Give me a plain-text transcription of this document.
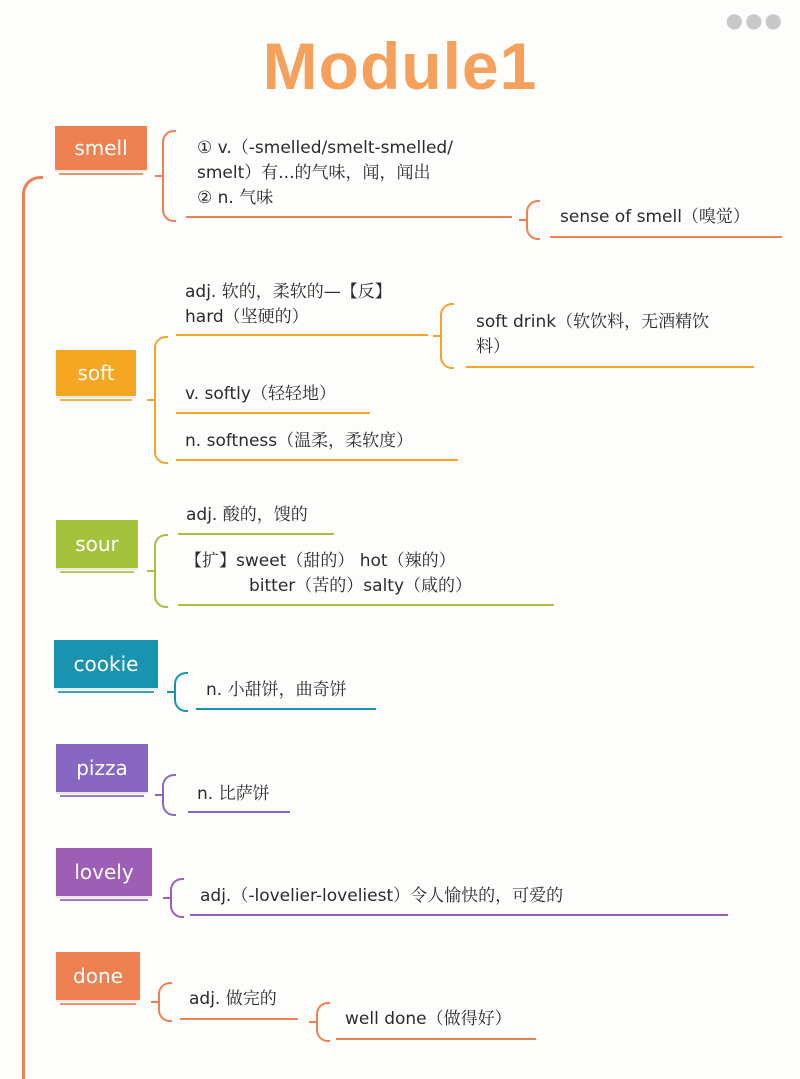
●●●
Module1
smell	① v.（-smelled/smelt-smelled/
smelt）有...的气味，闻，闻出
② n. 气味
sense of smell（嗅觉）
soft
adj. 软的，柔软的—【反】
hard（坚硬的）	soft drink（软饮料，无酒精饮
料）
v. softly（轻轻地）
n. softness（温柔，柔软度）
sour
adj. 酸的，馊的
【扩】sweet（甜的） hot（辣的）
bitter（苦的）salty（咸的）
cookie
n. 小甜饼，曲奇饼
pizza
n. 比萨饼
lovely
adj.（-lovelier-loveliest）令人愉快的，可爱的
done
adj. 做完的
well done（做得好）
